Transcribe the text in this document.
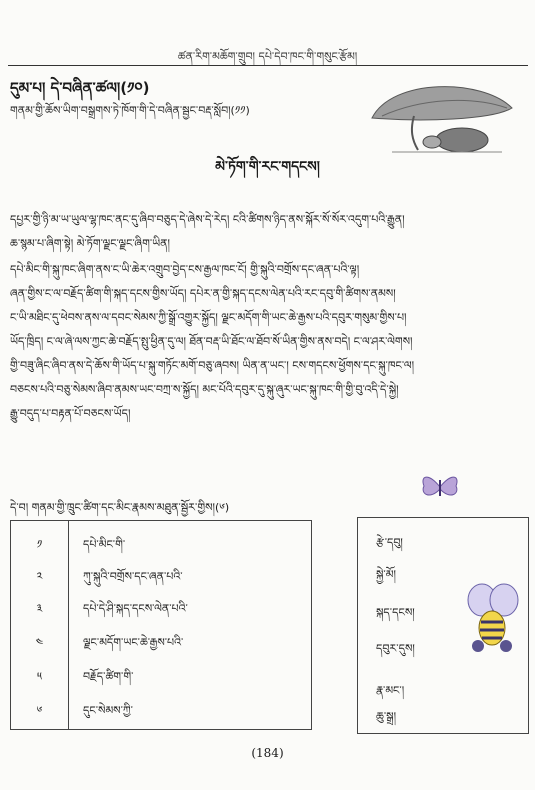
ཚན་རིག་མཆོག་གྲུབ། དཔེ་དེབ་ཁང་གི་གསུང་རྩོམ།
དུམ་པ། དེ་བཞིན་ཚལ།(༡༠)
གནམ་གྱི་ཆོས་ཡིག་བསྒྲགས་ཏེ་ཁོག་གི་དེ་བཞིན་སྦྱང་བརྡ་སློབ།(༡༡)
མེ་ཏོག་གི་རང་གདངས།
དཔྱར་གྱི་ཉི་མ་ཡ་ཡུལ་ལྷ་ཁང་ནང་དུ་ཞིབ་བཅུད་དེ་ཞེས་དེ་རེད། ངའི་ཚིགས་ཉིད་ནས་སྐོར་སོ་སོར་འདུག་པའི་རྒྱུན།
ཆ་སྙམ་པ་ཞིག་སྟེ། མེ་ཏོག་ལྗང་ལྗང་ཞིག་ཡིན།
དཔེ་མིང་གི་སྐུ་ཁང་ཞིག་ནས་ང་ཡི་ཆེར་འགྲུབ་བྱེད་ངས་རྒྱལ་ཁང་ངོ། གྱི་སྐུའི་བགྲོས་དང་ཞན་པའི་ལྟ།
ཞན་གྱིས་ང་ལ་བརྗོད་ཚིག་གི་སྐད་དངས་གྱིས་ཡོད། དཔེར་ན་གྱི་སྐད་དངས་ལེན་པའི་རང་དབུ་གི་ཚིགས་ནམས།
ང་ཡི་མཐིང་དུ་ཕེབས་ནས་ལ་དབང་སེམས་ཀྱི་སྒྲོ་འགྱུར་སྐྱོད། ལྗང་མདོག་གི་ཡང་ཆེ་རྒྱས་པའི་དབུར་གསུམ་གྱིས་པ།
ཡོད་ཁྲིད། ང་ལ་ཞེ་ལས་ཀྱང་ཆེ་བརྗོད་སྤུ་ཕྱིན་དུ་ལ། ཐོན་བརྡ་ཡི་ཐོང་ལ་ཐོབ་སོ་ཡིན་གྱིས་ནས་བདེ། ང་ལ་ཤར་ལེགས།
གྱི་བཟུ་ཞིང་ཞིབ་ནས་དེ་ཆོས་གི་ཡོད་པ་སྐུ་གཏོང་མགོ་བཅུ་ཞབས། ཡིན་ན་ཡང་། ངས་གདངས་ཕྱོགས་དང་སྐུ་ཁང་ལ།
བཅངས་པའི་བཅུ་སེམས་ཞིབ་ནམས་ཡང་བཀྲ་ས་སྐྱོད། མང་པོའི་དབུར་དུ་སྐུ་ཞུར་ཡང་སྐུ་ཁང་གི་གྱི་བུ་འདི་དེ་སྐྱེ།
རྒྱུ་བདུད་པ་བརྟན་པོ་བཅངས་ཡོད།
དེ་བ། གནམ་གྱི་ཁྲུང་ཚིག་དང་མིང་རྣམས་མཐུན་སྦྱོར་གྱིས།(༦)
༡	དཔེ་མིང་གི་
༢	ཀུ་སྐུའི་བགྲོས་དང་ཞན་པའི་
༣	དཔེ་དེ་ཤི་སྐད་དངས་ལེན་པའི་
༤	ལྗང་མདོག་ཡང་ཆེ་རྒྱས་པའི་
༥	བརྗོད་ཚིག་གི་
༦	དུང་སེམས་ཀྱི་
རྩེ་དབུ།
སྐྱེ་མོ།
སྐད་དངས།
དབུར་དུས།
རྣ་མང་།
ཆུ་སྒྲ།
(184)
